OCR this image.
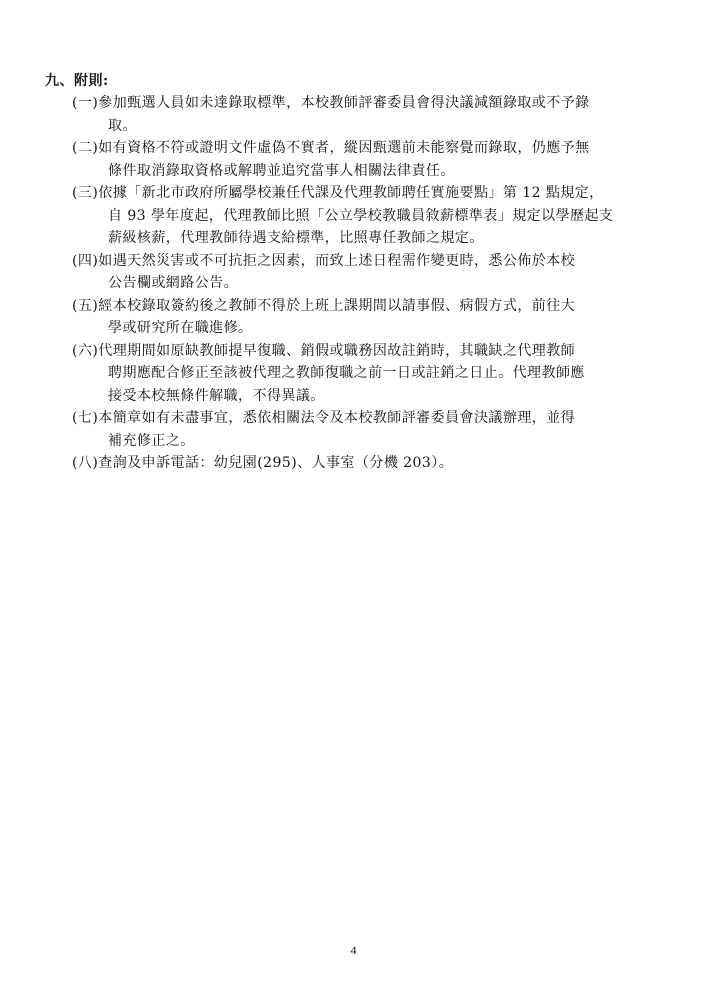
九、附則:
(一)參加甄選人員如未達錄取標準，本校教師評審委員會得決議減額錄取或不予錄
取。
(二)如有資格不符或證明文件虛偽不實者，縱因甄選前未能察覺而錄取，仍應予無
條件取消錄取資格或解聘並追究當事人相關法律責任。
(三)依據「新北市政府所屬學校兼任代課及代理教師聘任實施要點」第 12 點規定，
自 93 學年度起，代理教師比照「公立學校教職員敘薪標準表」規定以學歷起支
薪級核薪，代理教師待遇支給標準，比照專任教師之規定。
(四)如遇天然災害或不可抗拒之因素，而致上述日程需作變更時，悉公佈於本校
公告欄或網路公告。
(五)經本校錄取簽約後之教師不得於上班上課期間以請事假、病假方式，前往大
學或研究所在職進修。
(六)代理期間如原缺教師提早復職、銷假或職務因故註銷時，其職缺之代理教師
聘期應配合修正至該被代理之教師復職之前一日或註銷之日止。代理教師應
接受本校無條件解職，不得異議。
(七)本簡章如有未盡事宜，悉依相關法令及本校教師評審委員會決議辦理，並得
補充修正之。
(八)查詢及申訴電話：幼兒園(295)、人事室（分機 203）。
4
